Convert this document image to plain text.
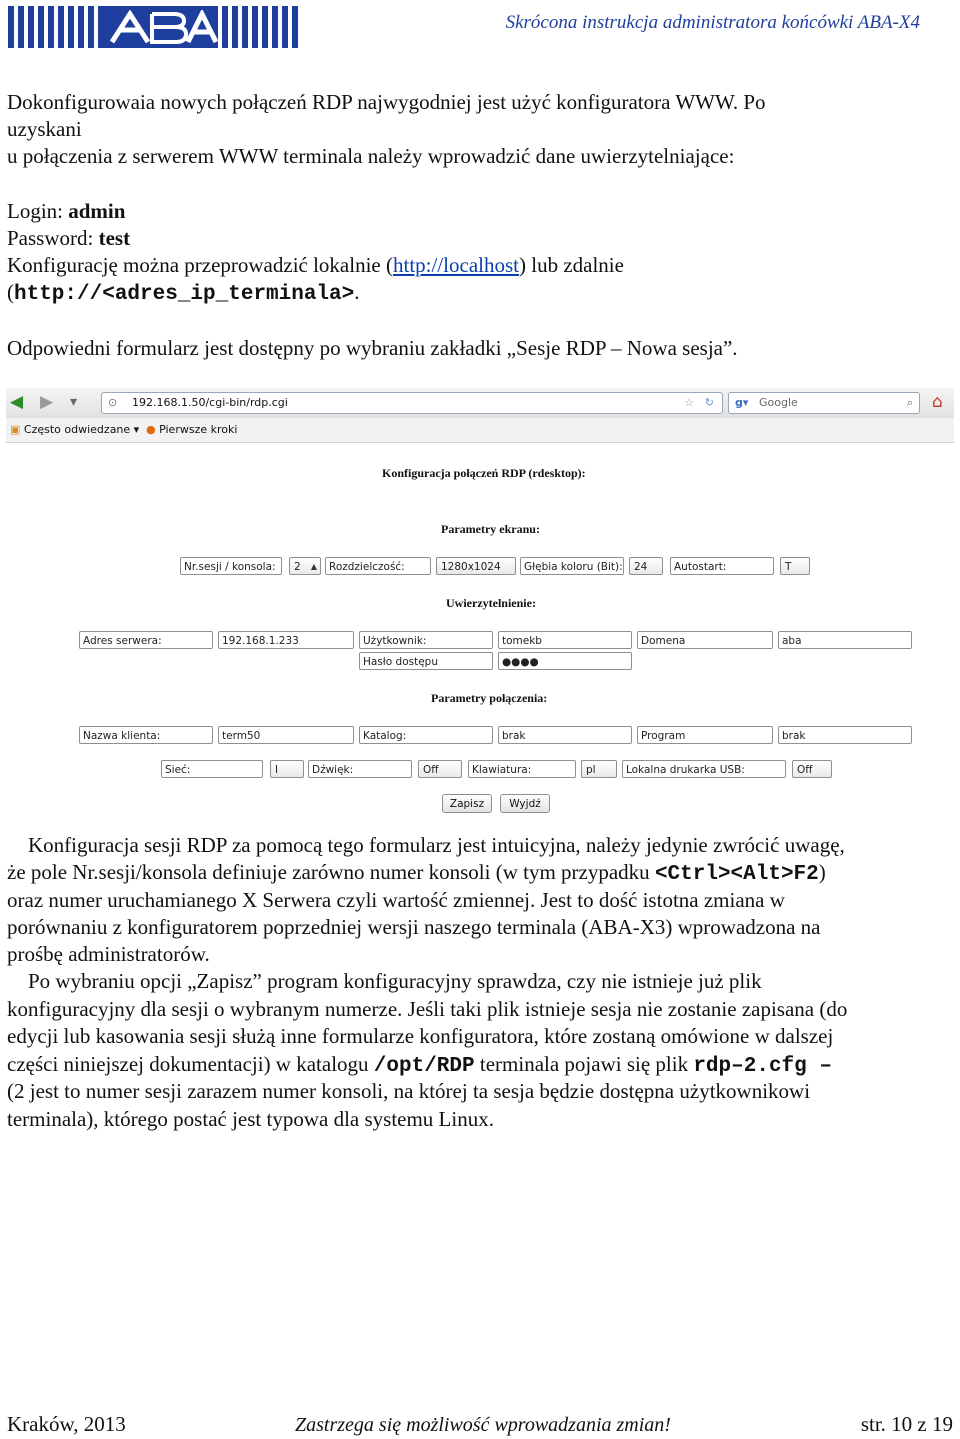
Skrócona instrukcja administratora końcówki ABA-X4
Dokonfigurowaia nowych połączeń RDP najwygodniej jest użyć konfiguratora WWW. Po
uzyskani
u połączenia z serwerem WWW terminala należy wprowadzić dane uwierzytelniające:
Login: admin
Password: test
Konfigurację można przeprowadzić lokalnie (http://localhost) lub zdalnie
(http://<adres_ip_terminala>.
Odpowiedni formularz jest dostępny po wybraniu zakładki „Sesje RDP – Nowa sesja”.
◀ ▶ ▾	⊙ 192.168.1.50/cgi-bin/rdp.cgi	↻
☆	g▾ Google	⌕ ⌂
▣ Często odwiedzane ▾ ● Pierwsze kroki
Konfiguracja połączeń RDP (rdesktop):
Parametry ekranu:
Nr.sesji / konsola:	2 ▲	Rozdzielczość:	1280x1024	Głębia koloru (Bit):	24	Autostart:	T
Uwierzytelnienie:
Adres serwera:	192.168.1.233	Użytkownik:	tomekb	Domena	aba
Hasło dostępu	●●●●
Parametry połączenia:
Nazwa klienta:	term50	Katalog:	brak	Program	brak
Sieć:	I	Dźwięk:	Off	Klawiatura:	pl	Lokalna drukarka USB:	Off
Zapisz	Wyjdź
Konfiguracja sesji RDP za pomocą tego formularz jest intuicyjna, należy jedynie zwrócić uwagę,
że pole Nr.sesji/konsola definiuje zarówno numer konsoli (w tym przypadku <Ctrl><Alt>F2)
oraz numer uruchamianego X Serwera czyli wartość zmiennej. Jest to dość istotna zmiana w
porównaniu z konfiguratorem poprzedniej wersji naszego terminala (ABA-X3) wprowadzona na
prośbę administratorów.
Po wybraniu opcji „Zapisz” program konfiguracyjny sprawdza, czy nie istnieje już plik
konfiguracyjny dla sesji o wybranym numerze. Jeśli taki plik istnieje sesja nie zostanie zapisana (do
edycji lub kasowania sesji służą inne formularze konfiguratora, które zostaną omówione w dalszej
części niniejszej dokumentacji) w katalogu /opt/RDP terminala pojawi się plik rdp–2.cfg –
(2 jest to numer sesji zarazem numer konsoli, na której ta sesja będzie dostępna użytkownikowi
terminala), którego postać jest typowa dla systemu Linux.
Kraków, 2013	Zastrzega się możliwość wprowadzania zmian!	str. 10 z 19
